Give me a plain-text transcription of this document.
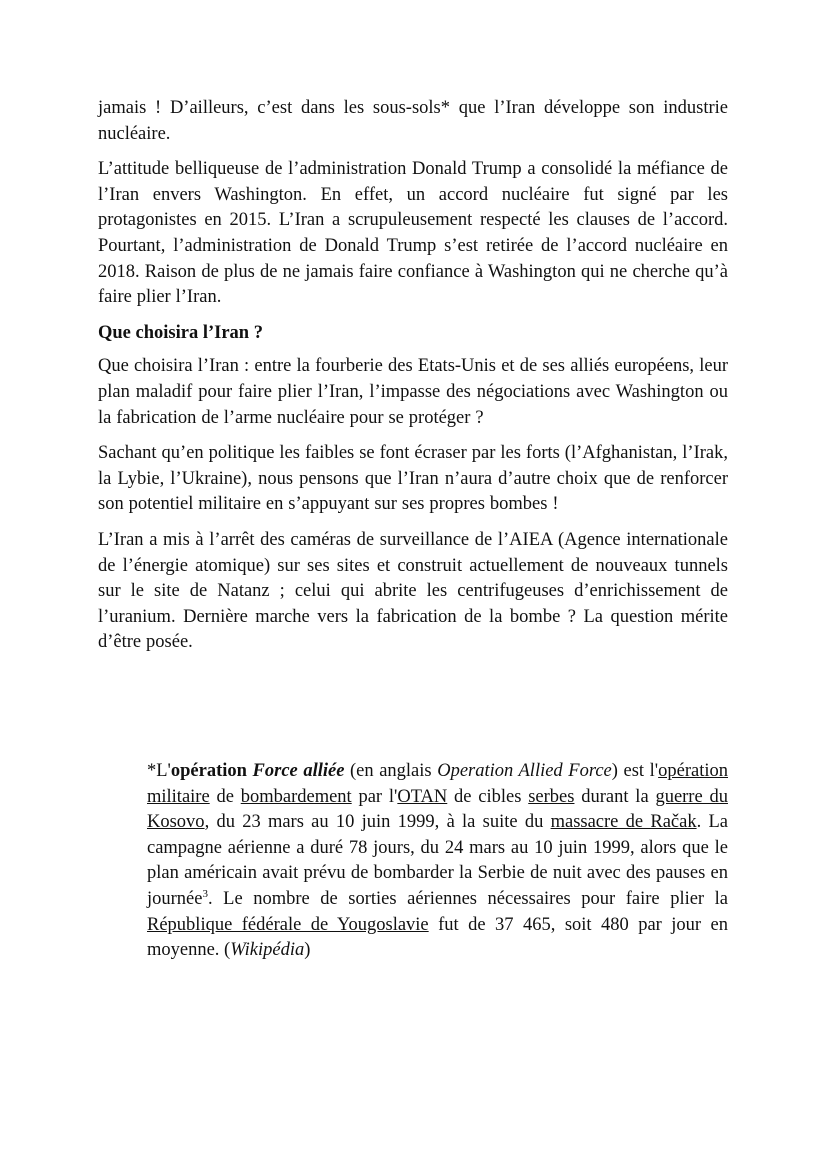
jamais ! D’ailleurs, c’est dans les sous-sols* que l’Iran développe son industrie nucléaire.

L’attitude belliqueuse de l’administration Donald Trump a consolidé la méfiance de l’Iran envers Washington. En effet, un accord nucléaire fut signé par les protagonistes en 2015. L’Iran a scrupuleusement respecté les clauses de l’accord. Pourtant, l’administration de Donald Trump s’est retirée de l’accord nucléaire en 2018. Raison de plus de ne jamais faire confiance à Washington qui ne cherche qu’à faire plier l’Iran.

Que choisira l’Iran ?

Que choisira l’Iran : entre la fourberie des Etats-Unis et de ses alliés européens, leur plan maladif pour faire plier l’Iran, l’impasse des négociations avec Washington ou la fabrication de l’arme nucléaire pour se protéger ?

Sachant qu’en politique les faibles se font écraser par les forts (l’Afghanistan, l’Irak, la Lybie, l’Ukraine), nous pensons que l’Iran n’aura d’autre choix que de renforcer son potentiel militaire en s’appuyant sur ses propres bombes !

L’Iran a mis à l’arrêt des caméras de surveillance de l’AIEA (Agence internationale de l’énergie atomique) sur ses sites et construit actuellement de nouveaux tunnels sur le site de Natanz ; celui qui abrite les centrifugeuses d’enrichissement de l’uranium. Dernière marche vers la fabrication de la bombe ? La question mérite d’être posée.

*L'opération Force alliée (en anglais Operation Allied Force) est l'opération militaire de bombardement par l'OTAN de cibles serbes durant la guerre du Kosovo, du 23 mars au 10 juin 1999, à la suite du massacre de Račak. La campagne aérienne a duré 78 jours, du 24 mars au 10 juin 1999, alors que le plan américain avait prévu de bombarder la Serbie de nuit avec des pauses en journée$^3$. Le nombre de sorties aériennes nécessaires pour faire plier la République fédérale de Yougoslavie fut de 37 465, soit 480 par jour en moyenne. (Wikipédia)
